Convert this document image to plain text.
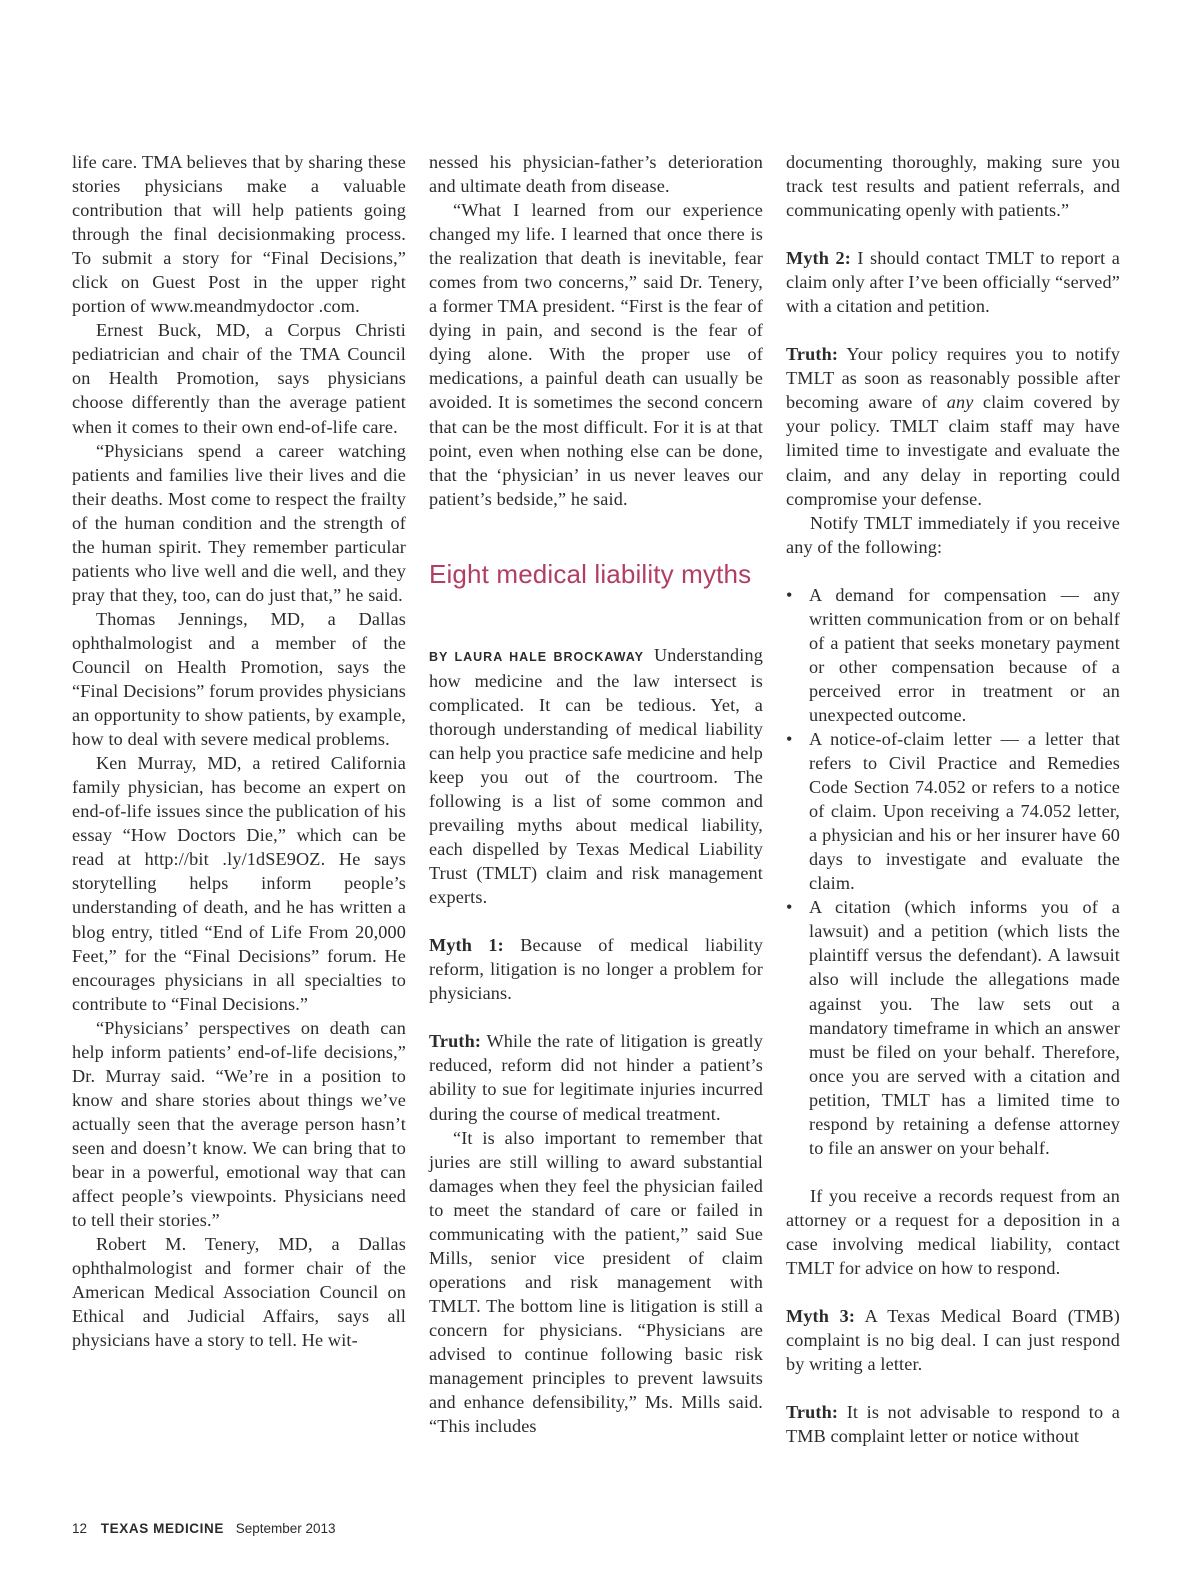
life care. TMA believes that by sharing these stories physicians make a valuable contribution that will help patients going through the final decisionmaking process. To submit a story for “Final Decisions,” click on Guest Post in the upper right portion of www.meandmydoctor .com.

Ernest Buck, MD, a Corpus Christi pediatrician and chair of the TMA Council on Health Promotion, says physicians choose differently than the average patient when it comes to their own end-of-life care.

“Physicians spend a career watching patients and families live their lives and die their deaths. Most come to respect the frailty of the human condition and the strength of the human spirit. They remember particular patients who live well and die well, and they pray that they, too, can do just that,” he said.

Thomas Jennings, MD, a Dallas ophthalmologist and a member of the Council on Health Promotion, says the “Final Decisions” forum provides physicians an opportunity to show patients, by example, how to deal with severe medical problems.

Ken Murray, MD, a retired California family physician, has become an expert on end-of-life issues since the publication of his essay “How Doctors Die,” which can be read at http://bit .ly/1dSE9OZ. He says storytelling helps inform people’s understanding of death, and he has written a blog entry, titled “End of Life From 20,000 Feet,” for the “Final Decisions” forum. He encourages physicians in all specialties to contribute to “Final Decisions.”

“Physicians’ perspectives on death can help inform patients’ end-of-life decisions,” Dr. Murray said. “We’re in a position to know and share stories about things we’ve actually seen that the average person hasn’t seen and doesn’t know. We can bring that to bear in a powerful, emotional way that can affect people’s viewpoints. Physicians need to tell their stories.”

Robert M. Tenery, MD, a Dallas ophthalmologist and former chair of the American Medical Association Council on Ethical and Judicial Affairs, says all physicians have a story to tell. He wit-

nessed his physician-father’s deterioration and ultimate death from disease.

“What I learned from our experience changed my life. I learned that once there is the realization that death is inevitable, fear comes from two concerns,” said Dr. Tenery, a former TMA president. “First is the fear of dying in pain, and second is the fear of dying alone. With the proper use of medications, a painful death can usually be avoided. It is sometimes the second concern that can be the most difficult. For it is at that point, even when nothing else can be done, that the ‘physician’ in us never leaves our patient’s bedside,” he said.

Eight medical liability myths

BY LAURA HALE BROCKAWAY Understanding how medicine and the law intersect is complicated. It can be tedious. Yet, a thorough understanding of medical liability can help you practice safe medicine and help keep you out of the courtroom. The following is a list of some common and prevailing myths about medical liability, each dispelled by Texas Medical Liability Trust (TMLT) claim and risk management experts.

Myth 1: Because of medical liability reform, litigation is no longer a problem for physicians.

Truth: While the rate of litigation is greatly reduced, reform did not hinder a patient’s ability to sue for legitimate injuries incurred during the course of medical treatment.

“It is also important to remember that juries are still willing to award substantial damages when they feel the physician failed to meet the standard of care or failed in communicating with the patient,” said Sue Mills, senior vice president of claim operations and risk management with TMLT. The bottom line is litigation is still a concern for physicians. “Physicians are advised to continue following basic risk management principles to prevent lawsuits and enhance defensibility,” Ms. Mills said. “This includes

documenting thoroughly, making sure you track test results and patient referrals, and communicating openly with patients.”

Myth 2: I should contact TMLT to report a claim only after I’ve been officially “served” with a citation and petition.

Truth: Your policy requires you to notify TMLT as soon as reasonably possible after becoming aware of any claim covered by your policy. TMLT claim staff may have limited time to investigate and evaluate the claim, and any delay in reporting could compromise your defense.

Notify TMLT immediately if you receive any of the following:

• A demand for compensation — any written communication from or on behalf of a patient that seeks monetary payment or other compensation because of a perceived error in treatment or an unexpected outcome.
• A notice-of-claim letter — a letter that refers to Civil Practice and Remedies Code Section 74.052 or refers to a notice of claim. Upon receiving a 74.052 letter, a physician and his or her insurer have 60 days to investigate and evaluate the claim.
• A citation (which informs you of a lawsuit) and a petition (which lists the plaintiff versus the defendant). A lawsuit also will include the allegations made against you. The law sets out a mandatory timeframe in which an answer must be filed on your behalf. Therefore, once you are served with a citation and petition, TMLT has a limited time to respond by retaining a defense attorney to file an answer on your behalf.

If you receive a records request from an attorney or a request for a deposition in a case involving medical liability, contact TMLT for advice on how to respond.

Myth 3: A Texas Medical Board (TMB) complaint is no big deal. I can just respond by writing a letter.

Truth: It is not advisable to respond to a TMB complaint letter or notice without

12 TEXAS MEDICINE September 2013
